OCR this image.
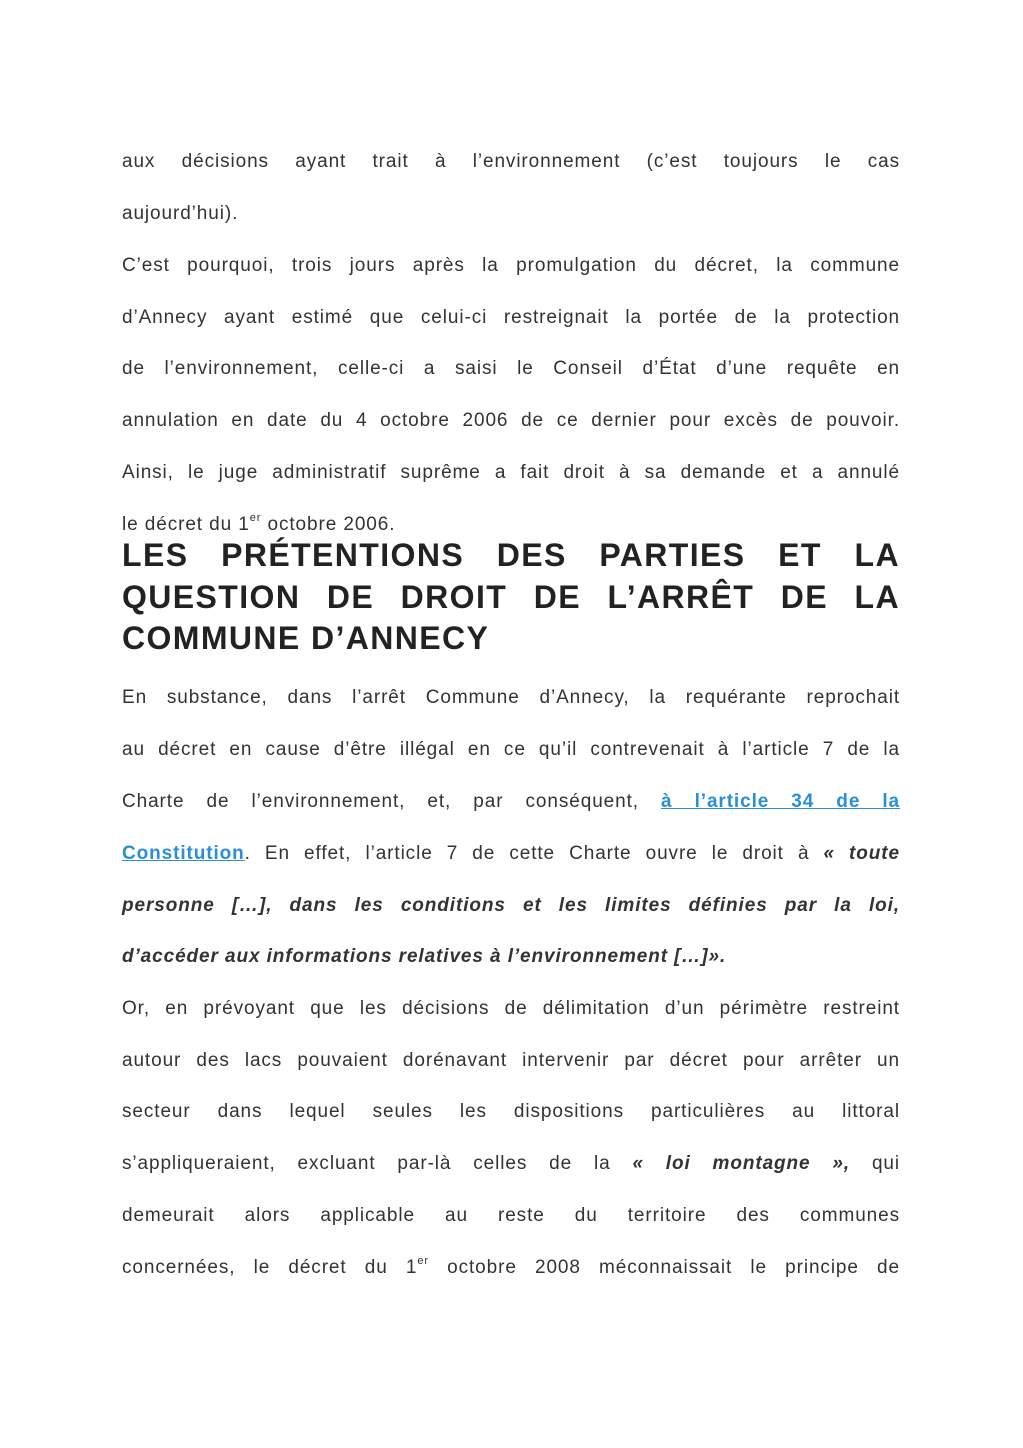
aux décisions ayant trait à l’environnement (c’est toujours le cas
aujourd’hui).
C’est pourquoi, trois jours après la promulgation du décret, la commune
d’Annecy ayant estimé que celui-ci restreignait la portée de la protection
de l’environnement, celle-ci a saisi le Conseil d’État d’une requête en
annulation en date du 4 octobre 2006 de ce dernier pour excès de pouvoir.
Ainsi, le juge administratif suprême a fait droit à sa demande et a annulé
le décret du 1er octobre 2006.
LES PRÉTENTIONS DES PARTIES ET LA
QUESTION DE DROIT DE L’ARRÊT DE LA
COMMUNE D’ANNECY
En substance, dans l’arrêt Commune d’Annecy, la requérante reprochait
au décret en cause d’être illégal en ce qu’il contrevenait à l’article 7 de la
Charte de l’environnement, et, par conséquent, à l’article 34 de la
Constitution. En effet, l’article 7 de cette Charte ouvre le droit à « toute
personne […], dans les conditions et les limites définies par la loi,
d’accéder aux informations relatives à l’environnement […]».
Or, en prévoyant que les décisions de délimitation d’un périmètre restreint
autour des lacs pouvaient dorénavant intervenir par décret pour arrêter un
secteur dans lequel seules les dispositions particulières au littoral
s’appliqueraient, excluant par-là celles de la « loi montagne », qui
demeurait alors applicable au reste du territoire des communes
concernées, le décret du 1er octobre 2008 méconnaissait le principe de
